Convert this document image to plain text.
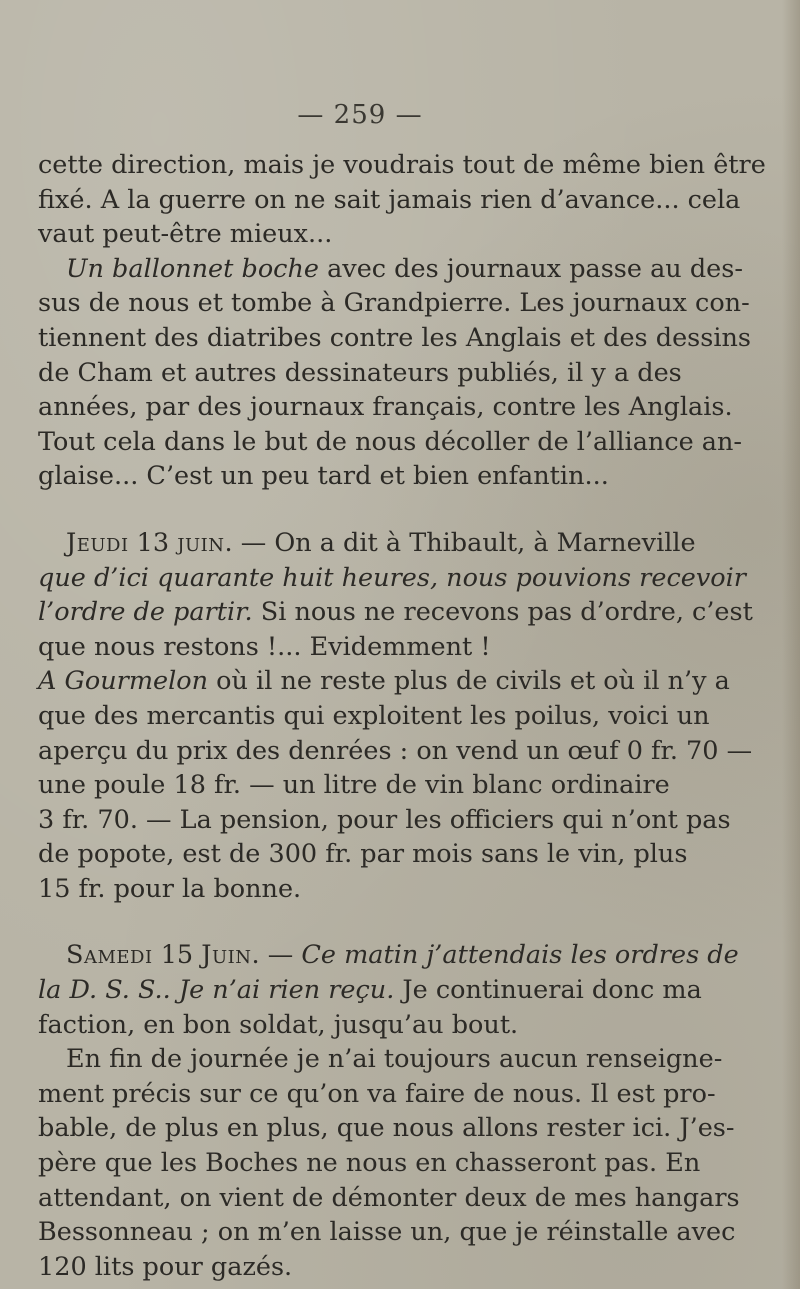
— 259 —
cette direction, mais je voudrais tout de même bien être
fixé. A la guerre on ne sait jamais rien d’avance... cela
vaut peut-être mieux...
Un ballonnet boche avec des journaux passe au des-
sus de nous et tombe à Grandpierre. Les journaux con-
tiennent des diatribes contre les Anglais et des dessins
de Cham et autres dessinateurs publiés, il y a des
années, par des journaux français, contre les Anglais.
Tout cela dans le but de nous décoller de l’alliance an-
glaise... C’est un peu tard et bien enfantin...
Jeudi 13 juin. — On a dit à Thibault, à Marneville
que d’ici quarante huit heures, nous pouvions recevoir
l’ordre de partir. Si nous ne recevons pas d’ordre, c’est
que nous restons !... Evidemment !
A Gourmelon où il ne reste plus de civils et où il n’y a
que des mercantis qui exploitent les poilus, voici un
aperçu du prix des denrées : on vend un œuf 0 fr. 70 —
une poule 18 fr. — un litre de vin blanc ordinaire
3 fr. 70. — La pension, pour les officiers qui n’ont pas
de popote, est de 300 fr. par mois sans le vin, plus
15 fr. pour la bonne.
Samedi 15 Juin. — Ce matin j’attendais les ordres de
la D. S. S.. Je n’ai rien reçu. Je continuerai donc ma
faction, en bon soldat, jusqu’au bout.
En fin de journée je n’ai toujours aucun renseigne-
ment précis sur ce qu’on va faire de nous. Il est pro-
bable, de plus en plus, que nous allons rester ici. J’es-
père que les Boches ne nous en chasseront pas. En
attendant, on vient de démonter deux de mes hangars
Bessonneau ; on m’en laisse un, que je réinstalle avec
120 lits pour gazés.
